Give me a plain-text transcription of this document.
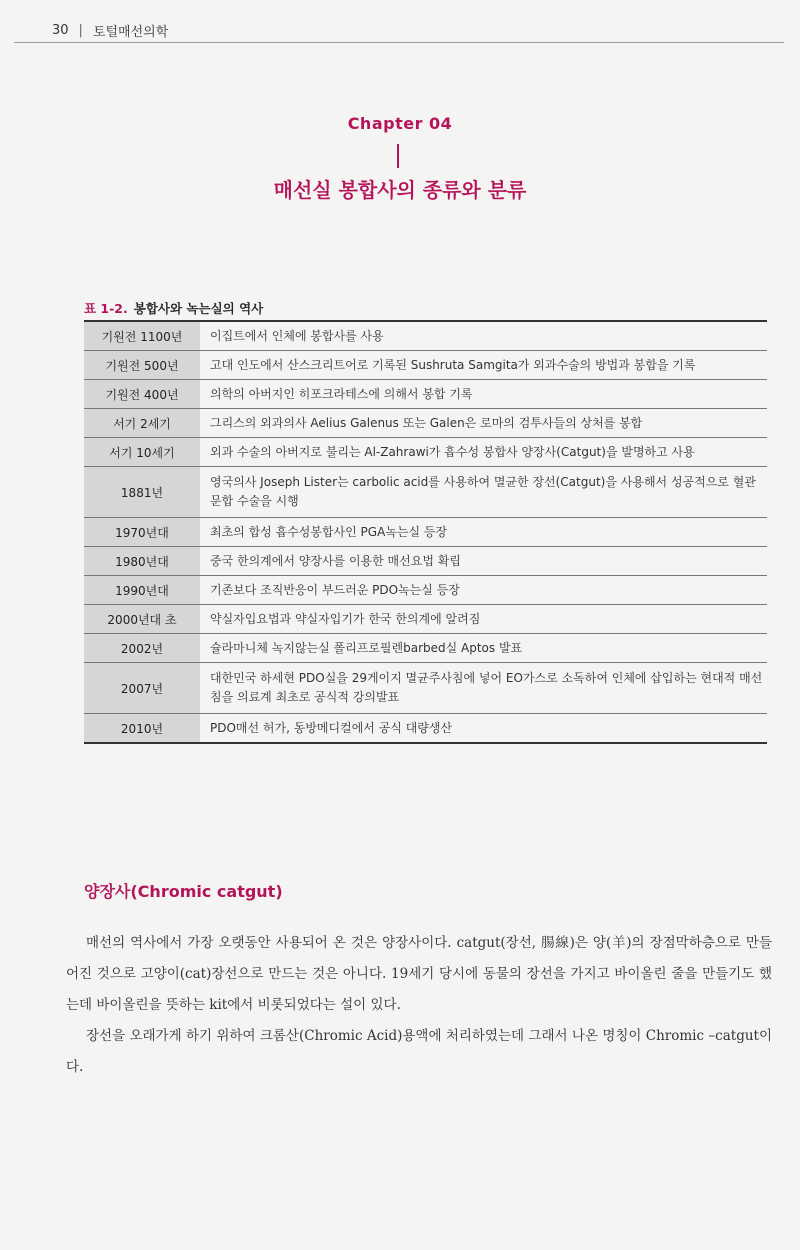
30 | 토털매선의학
Chapter 04
매선실 봉합사의 종류와 분류
표 1-2. 봉합사와 녹는실의 역사
기원전 1100년	이집트에서 인체에 봉합사를 사용
기원전 500년	고대 인도에서 산스크리트어로 기록된 Sushruta Samgita가 외과수술의 방법과 봉합을 기록
기원전 400년	의학의 아버지인 히포크라테스에 의해서 봉합 기록
서기 2세기	그리스의 외과의사 Aelius Galenus 또는 Galen은 로마의 검투사들의 상처를 봉합
서기 10세기	외과 수술의 아버지로 불리는 Al-Zahrawi가 흡수성 봉합사 양장사(Catgut)을 발명하고 사용
1881년	영국의사 Joseph Lister는 carbolic acid를 사용하여 멸균한 장선(Catgut)을 사용해서 성공적으로 혈관 문합 수술을 시행
1970년대	최초의 합성 흡수성봉합사인 PGA녹는실 등장
1980년대	중국 한의계에서 양장사를 이용한 매선요법 확립
1990년대	기존보다 조직반응이 부드러운 PDO녹는실 등장
2000년대 초	약실자입요법과 약실자입기가 한국 한의계에 알려짐
2002년	슐라마니체 녹지않는실 폴리프로필렌barbed실 Aptos 발표
2007년	대한민국 하세현 PDO실을 29게이지 멸균주사침에 넣어 EO가스로 소독하여 인체에 삽입하는 현대적 매선침을 의료계 최초로 공식적 강의발표
2010년	PDO매선 허가, 동방메디컬에서 공식 대량생산
양장사(Chromic catgut)

매선의 역사에서 가장 오랫동안 사용되어 온 것은 양장사이다. catgut(장선, 腸線)은 양(羊)의 장점막하층으로 만들어진 것으로 고양이(cat)장선으로 만드는 것은 아니다. 19세기 당시에 동물의 장선을 가지고 바이올린 줄을 만들기도 했는데 바이올린을 뜻하는 kit에서 비롯되었다는 설이 있다.

장선을 오래가게 하기 위하여 크롬산(Chromic Acid)용액에 처리하였는데 그래서 나온 명칭이 Chromic –catgut이다.
